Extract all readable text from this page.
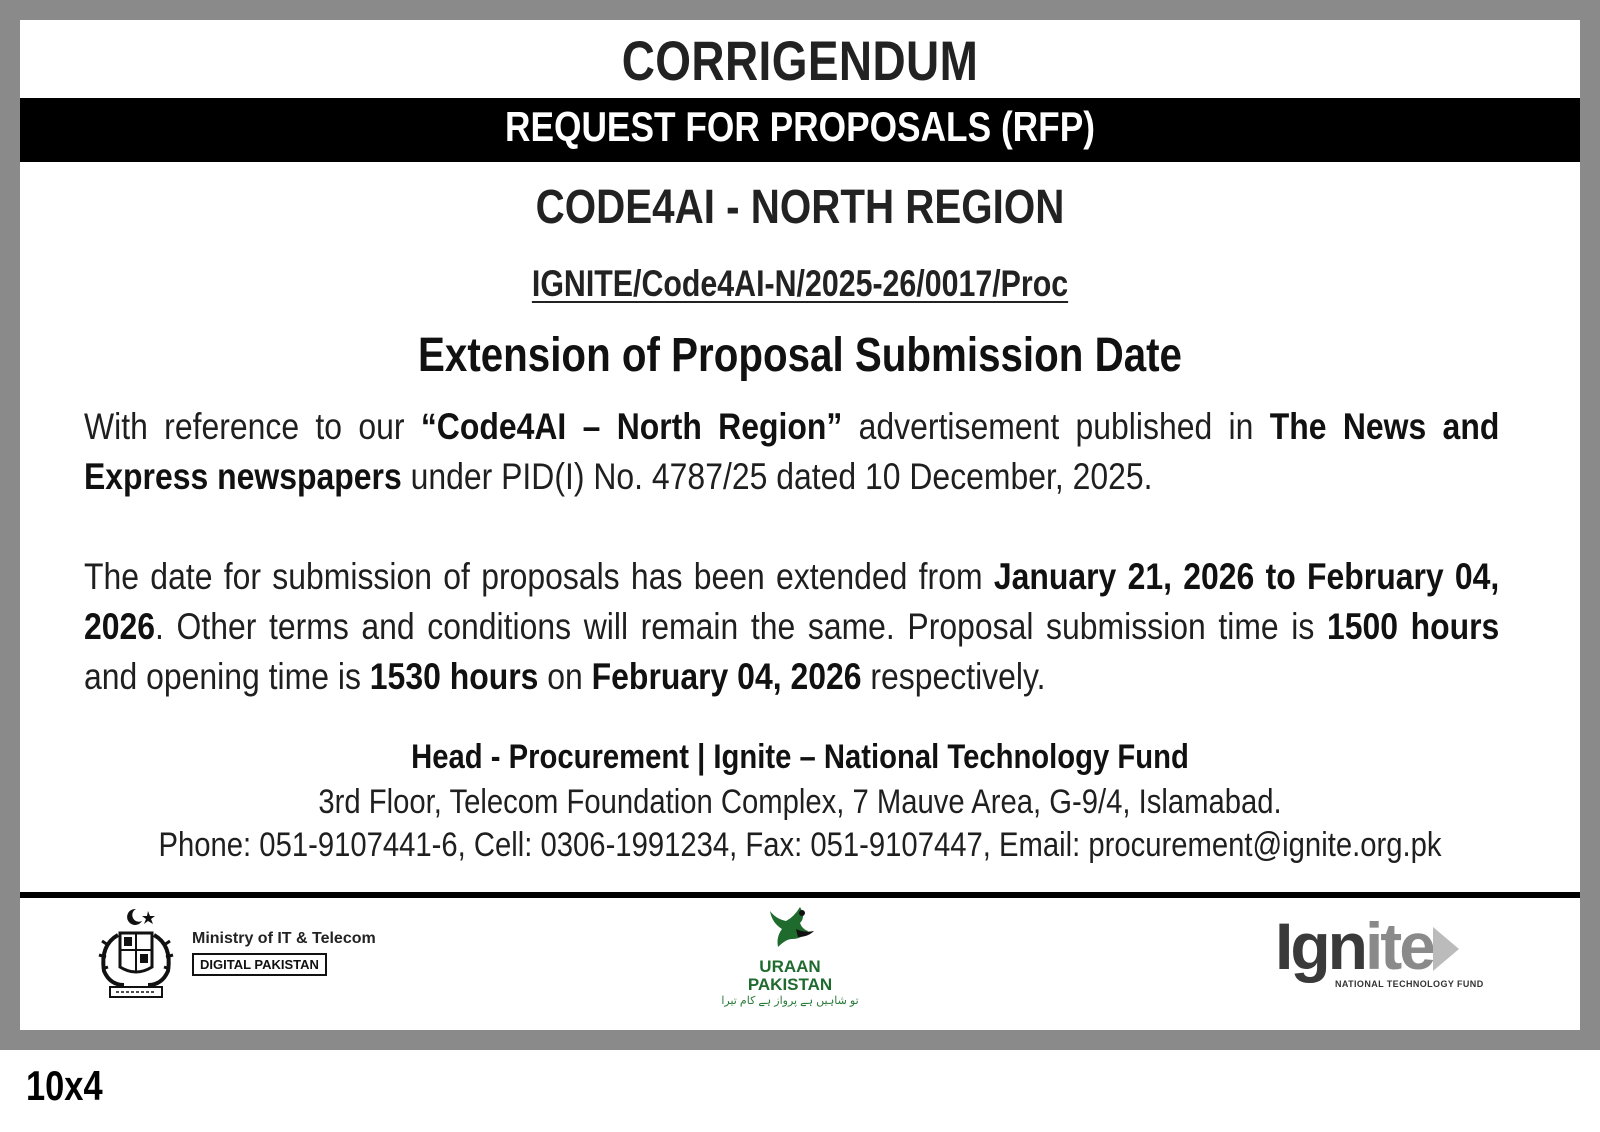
CORRIGENDUM
REQUEST FOR PROPOSALS (RFP)
CODE4AI - NORTH REGION
IGNITE/Code4AI-N/2025-26/0017/Proc
Extension of Proposal Submission Date
With reference to our “Code4AI – North Region” advertisement published in The News and Express newspapers under PID(I) No. 4787/25 dated 10 December, 2025.
The date for submission of proposals has been extended from January 21, 2026 to February 04, 2026. Other terms and conditions will remain the same. Proposal submission time is 1500 hours and opening time is 1530 hours on February 04, 2026 respectively.
Head - Procurement | Ignite – National Technology Fund
3rd Floor, Telecom Foundation Complex, 7 Mauve Area, G-9/4, Islamabad.
Phone: 051-9107441-6, Cell: 0306-1991234, Fax: 051-9107447, Email: procurement@ignite.org.pk
Ministry of IT & Telecom
DIGITAL PAKISTAN	URAAN
PAKISTAN
تو شاہیں ہے پرواز ہے کام تیرا
Ignite
NATIONAL TECHNOLOGY FUND
10x4
